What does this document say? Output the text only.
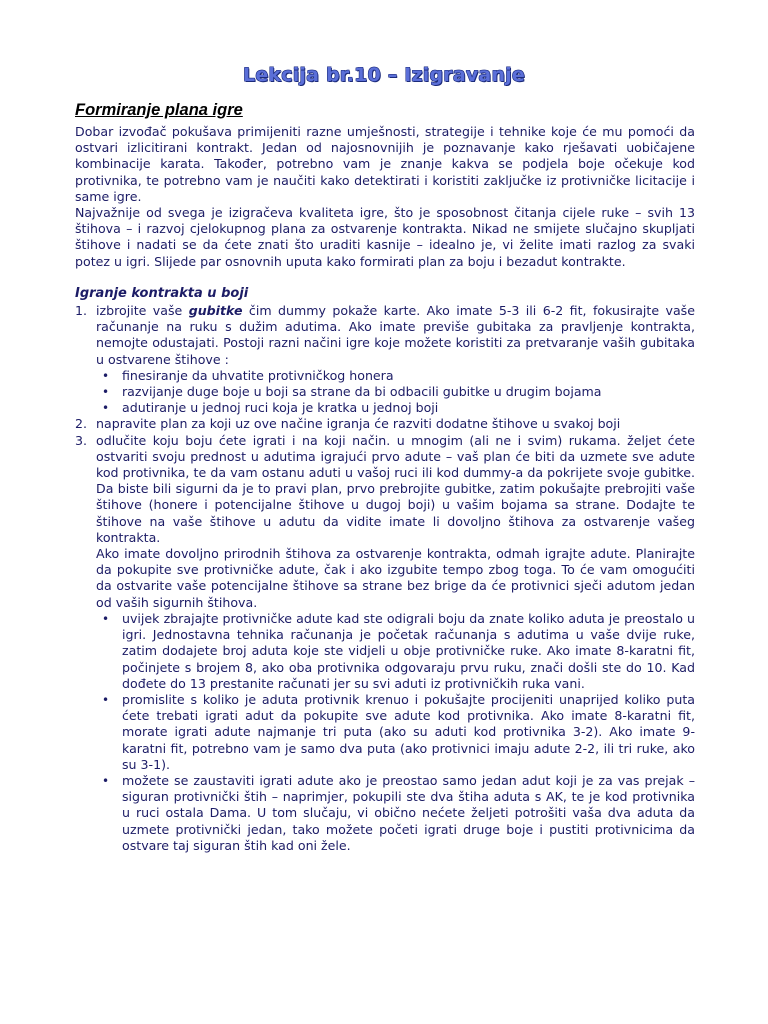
Lekcija br.10 – Izigravanje
Formiranje plana igre

Dobar izvođač pokušava primijeniti razne umješnosti, strategije i tehnike koje će mu pomoći da ostvari izlicitirani kontrakt. Jedan od najosnovnijih je poznavanje kako rješavati uobičajene kombinacije karata. Također, potrebno vam je znanje kakva se podjela boje očekuje kod protivnika, te potrebno vam je naučiti kako detektirati i koristiti zaključke iz protivničke licitacije i same igre.

Najvažnije od svega je izigračeva kvaliteta igre, što je sposobnost čitanja cijele ruke – svih 13 štihova – i razvoj cjelokupnog plana za ostvarenje kontrakta. Nikad ne smijete slučajno skupljati štihove i nadati se da ćete znati što uraditi kasnije – idealno je, vi želite imati razlog za svaki potez u igri. Slijede par osnovnih uputa kako formirati plan za boju i bezadut kontrakte.

Igranje kontrakta u boji
1. izbrojite vaše gubitke čim dummy pokaže karte. Ako imate 5-3 ili 6-2 fit, fokusirajte vaše računanje na ruku s dužim adutima. Ako imate previše gubitaka za pravljenje kontrakta, nemojte odustajati. Postoji razni načini igre koje možete koristiti za pretvaranje vaših gubitaka u ostvarene štihove :
• finesiranje da uhvatite protivničkog honera
• razvijanje duge boje u boji sa strane da bi odbacili gubitke u drugim bojama
• adutiranje u jednoj ruci koja je kratka u jednoj boji
2. napravite plan za koji uz ove načine igranja će razviti dodatne štihove u svakoj boji
3. odlučite koju boju ćete igrati i na koji način. u mnogim (ali ne i svim) rukama. željet ćete ostvariti svoju prednost u adutima igrajući prvo adute – vaš plan će biti da uzmete sve adute kod protivnika, te da vam ostanu aduti u vašoj ruci ili kod dummy-a da pokrijete svoje gubitke. Da biste bili sigurni da je to pravi plan, prvo prebrojite gubitke, zatim pokušajte prebrojiti vaše štihove (honere i potencijalne štihove u dugoj boji) u vašim bojama sa strane. Dodajte te štihove na vaše štihove u adutu da vidite imate li dovoljno štihova za ostvarenje vašeg kontrakta.
Ako imate dovoljno prirodnih štihova za ostvarenje kontrakta, odmah igrajte adute. Planirajte da pokupite sve protivničke adute, čak i ako izgubite tempo zbog toga. To će vam omogućiti da ostvarite vaše potencijalne štihove sa strane bez brige da će protivnici sječi adutom jedan od vaših sigurnih štihova.
• uvijek zbrajajte protivničke adute kad ste odigrali boju da znate koliko aduta je preostalo u igri. Jednostavna tehnika računanja je početak računanja s adutima u vaše dvije ruke, zatim dodajete broj aduta koje ste vidjeli u obje protivničke ruke. Ako imate 8-karatni fit, počinjete s brojem 8, ako oba protivnika odgovaraju prvu ruku, znači došli ste do 10. Kad dođete do 13 prestanite računati jer su svi aduti iz protivničkih ruka vani.
• promislite s koliko je aduta protivnik krenuo i pokušajte procijeniti unaprijed koliko puta ćete trebati igrati adut da pokupite sve adute kod protivnika. Ako imate 8-karatni fit, morate igrati adute najmanje tri puta (ako su aduti kod protivnika 3-2). Ako imate 9-karatni fit, potrebno vam je samo dva puta (ako protivnici imaju adute 2-2, ili tri ruke, ako su 3-1).
• možete se zaustaviti igrati adute ako je preostao samo jedan adut koji je za vas prejak – siguran protivnički štih – naprimjer, pokupili ste dva štiha aduta s AK, te je kod protivnika u ruci ostala Dama. U tom slučaju, vi obično nećete željeti potrošiti vaša dva aduta da uzmete protivnički jedan, tako možete početi igrati druge boje i pustiti protivnicima da ostvare taj siguran štih kad oni žele.
